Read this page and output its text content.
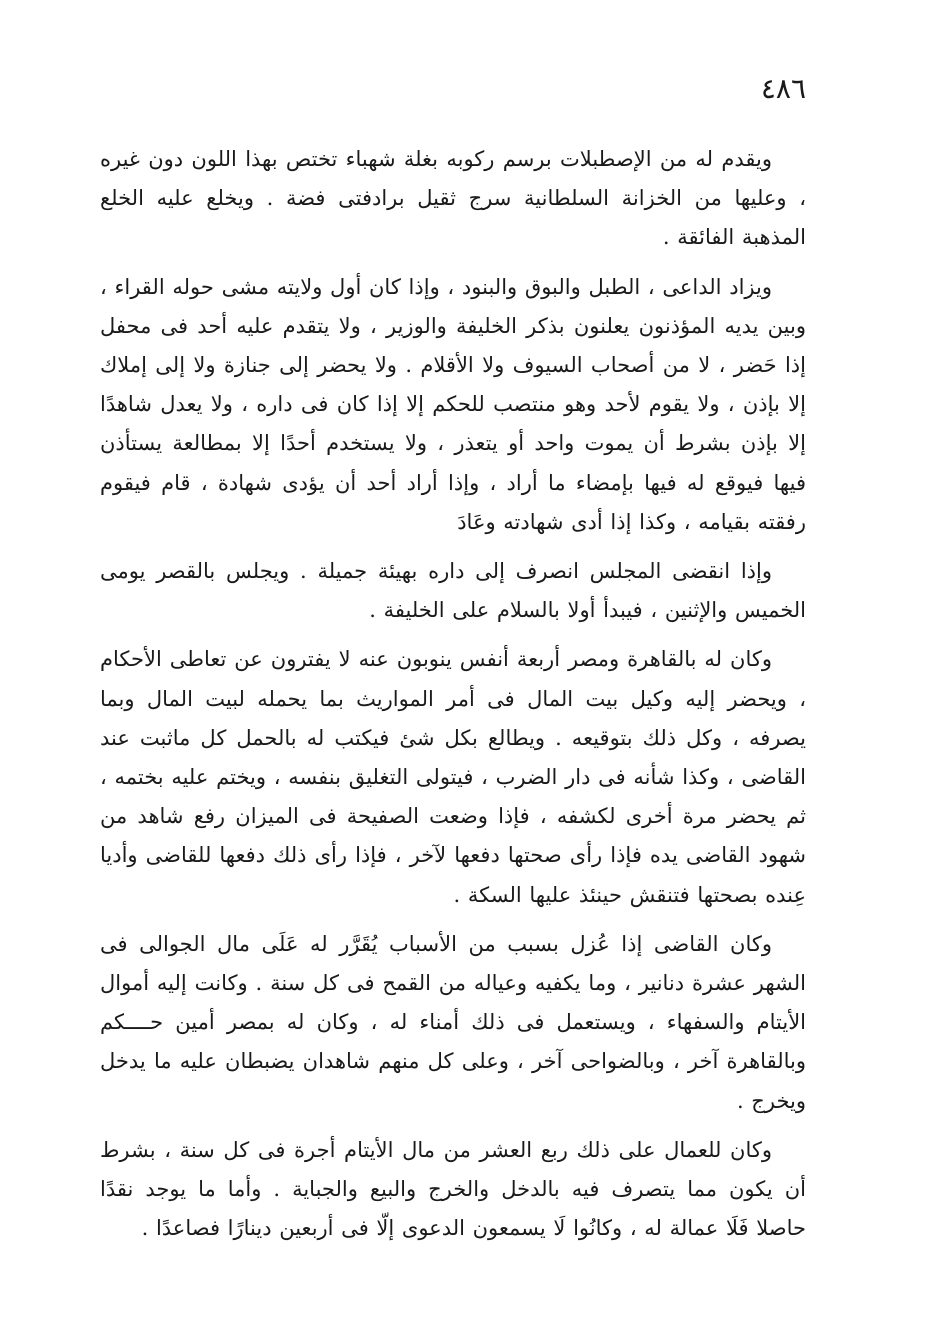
٤٨٦

ويقدم له من الإصطبلات برسم ركوبه بغلة شهباء تختص بهذا اللون دون غيره ، وعليها من الخزانة السلطانية سرج ثقيل برادفتى فضة . ويخلع عليه الخلع المذهبة الفائقة .

ويزاد الداعى ، الطبل والبوق والبنود ، وإذا كان أول ولايته مشى حوله القراء ، وبين يديه المؤذنون يعلنون بذكر الخليفة والوزير ، ولا يتقدم عليه أحد فى محفل إذا حَضر ، لا من أصحاب السيوف ولا الأقلام . ولا يحضر إلى جنازة ولا إلى إملاك إلا بإذن ، ولا يقوم لأحد وهو منتصب للحكم إلا إذا كان فى داره ، ولا يعدل شاهدًا إلا بإذن بشرط أن يموت واحد أو يتعذر ، ولا يستخدم أحدًا إلا بمطالعة يستأذن فيها فيوقع له فيها بإمضاء ما أراد ، وإذا أراد أحد أن يؤدى شهادة ، قام فيقوم رفقته بقيامه ، وكذا إذا أدى شهادته وعَادَ

وإذا انقضى المجلس انصرف إلى داره بهيئة جميلة . ويجلس بالقصر يومى الخميس والإثنين ، فيبدأ أولا بالسلام على الخليفة .

وكان له بالقاهرة ومصر أربعة أنفس ينوبون عنه لا يفترون عن تعاطى الأحكام ، ويحضر إليه وكيل بيت المال فى أمر المواريث بما يحمله لبيت المال وبما يصرفه ، وكل ذلك بتوقيعه . ويطالع بكل شئ فيكتب له بالحمل كل ماثبت عند القاضى ، وكذا شأنه فى دار الضرب ، فيتولى التغليق بنفسه ، ويختم عليه بختمه ، ثم يحضر مرة أخرى لكشفه ، فإذا وضعت الصفيحة فى الميزان رفع شاهد من شهود القاضى يده فإذا رأى صحتها دفعها لآخر ، فإذا رأى ذلك دفعها للقاضى وأديا عِنده بصحتها فتنقش حينئذ عليها السكة .

وكان القاضى إذا عُزل بسبب من الأسباب يُقَرَّر له عَلَى مال الجوالى فى الشهر عشرة دنانير ، وما يكفيه وعياله من القمح فى كل سنة . وكانت إليه أموال الأيتام والسفهاء ، ويستعمل فى ذلك أمناء له ، وكان له بمصر أمين حــــكم وبالقاهرة آخر ، وبالضواحى آخر ، وعلى كل منهم شاهدان يضبطان عليه ما يدخل ويخرج .

وكان للعمال على ذلك ربع العشر من مال الأيتام أجرة فى كل سنة ، بشرط أن يكون مما يتصرف فيه بالدخل والخرج والبيع والجباية . وأما ما يوجد نقدًا حاصلا فَلَا عمالة له ، وكانُوا لَا يسمعون الدعوى إلّا فى أربعين دينارًا فصاعدًا .
